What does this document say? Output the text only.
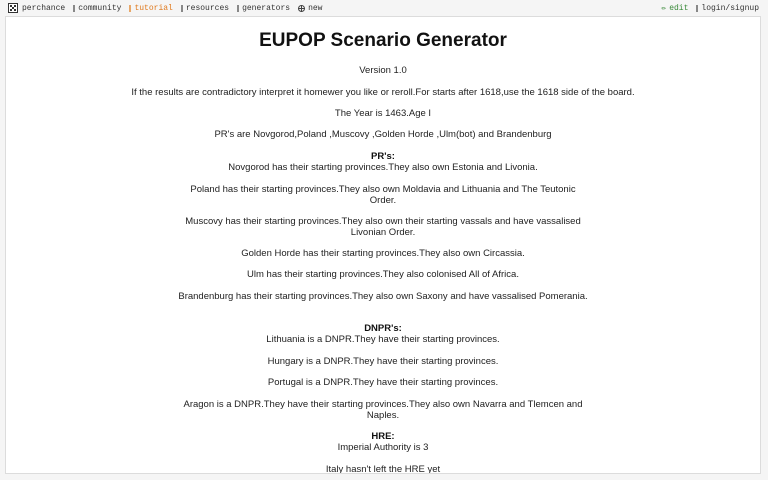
perchance community tutorial resources generators new	✏ edit login/signup
EUPOP Scenario Generator
Version 1.0
If the results are contradictory interpret it homewer you like or reroll.For starts after 1618,use the 1618 side of the board.
The Year is 1463.Age I
PR's are Novgorod,Poland ,Muscovy ,Golden Horde ,Ulm(bot) and Brandenburg
PR's:
Novgorod has their starting provinces.They also own Estonia and Livonia.
Poland has their starting provinces.They also own Moldavia and Lithuania and The Teutonic Order.
Muscovy has their starting provinces.They also own their starting vassals and have vassalised Livonian Order.
Golden Horde has their starting provinces.They also own Circassia.
Ulm has their starting provinces.They also colonised All of Africa.
Brandenburg has their starting provinces.They also own Saxony and have vassalised Pomerania.
DNPR's:
Lithuania is a DNPR.They have their starting provinces.
Hungary is a DNPR.They have their starting provinces.
Portugal is a DNPR.They have their starting provinces.
Aragon is a DNPR.They have their starting provinces.They also own Navarra and Tlemcen and Naples.
HRE:
Imperial Authority is 3
Italy hasn't left the HRE yet
